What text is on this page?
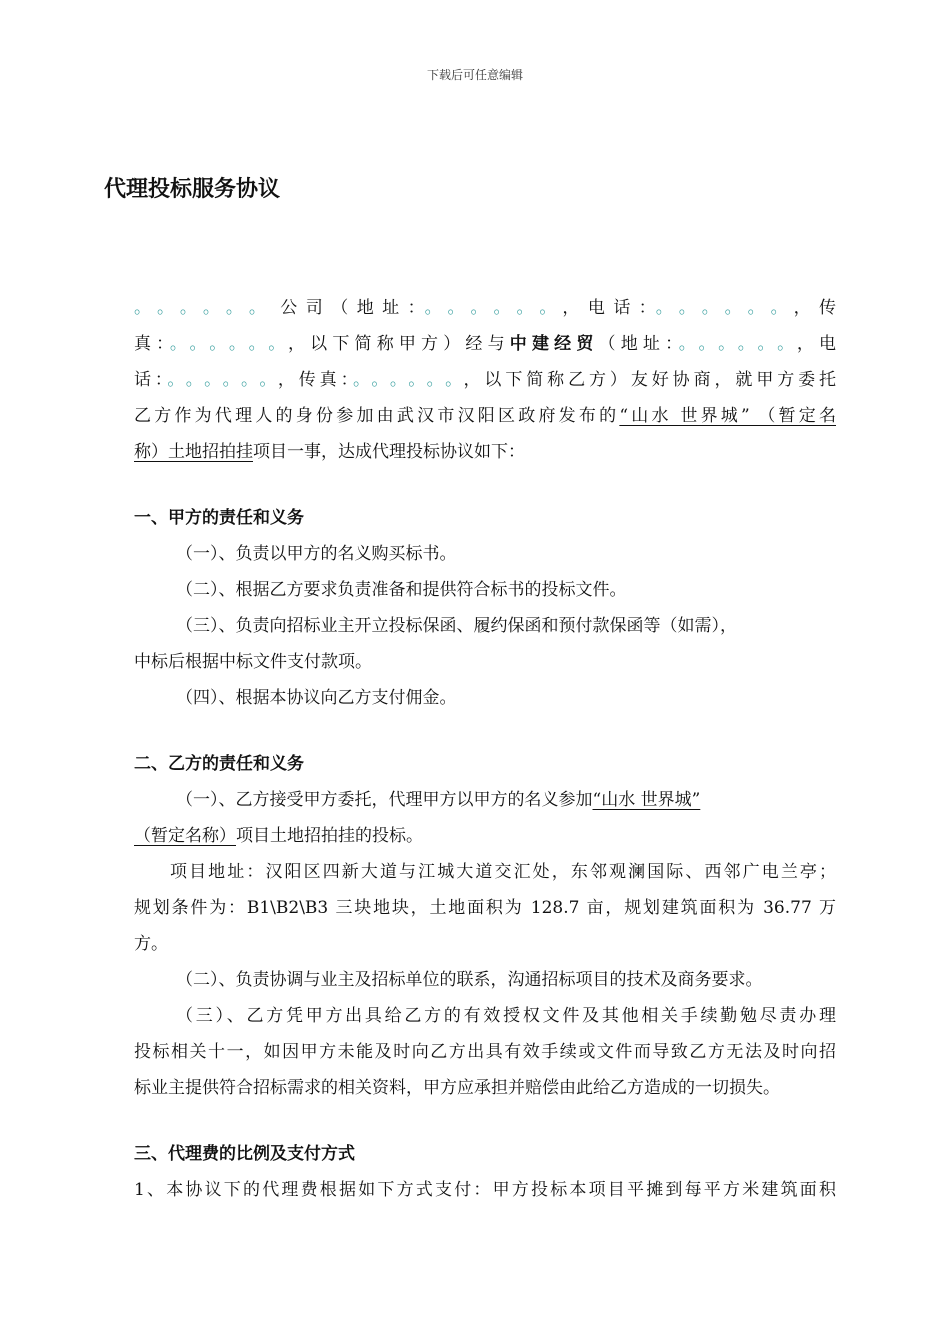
下载后可任意编辑
代理投标服务协议
。。。。。。公司（地址：。。。。。。，电话：。。。。。。，传
真：。。。。。。，以下简称甲方）经与中建经贸（地址：。。。。。。，电
话：。。。。。。，传真：。。。。。。，以下简称乙方）友好协商，就甲方委托
乙方作为代理人的身份参加由武汉市汉阳区政府发布的“山水 世界城” （暂定名
称）土地招拍挂项目一事，达成代理投标协议如下：
一、甲方的责任和义务
（一）、负责以甲方的名义购买标书。
（二）、根据乙方要求负责准备和提供符合标书的投标文件。
（三）、负责向招标业主开立投标保函、履约保函和预付款保函等（如需），
中标后根据中标文件支付款项。
（四）、根据本协议向乙方支付佣金。
二、乙方的责任和义务
（一）、乙方接受甲方委托，代理甲方以甲方的名义参加“山水 世界城”
（暂定名称）项目土地招拍挂的投标。
项目地址：汉阳区四新大道与江城大道交汇处，东邻观澜国际、西邻广电兰亭；
规划条件为：B1\B2\B3 三块地块，土地面积为 128.7 亩，规划建筑面积为 36.77 万
方。
（二）、负责协调与业主及招标单位的联系，沟通招标项目的技术及商务要求。
（三）、乙方凭甲方出具给乙方的有效授权文件及其他相关手续勤勉尽责办理
投标相关十一，如因甲方未能及时向乙方出具有效手续或文件而导致乙方无法及时向招
标业主提供符合招标需求的相关资料，甲方应承担并赔偿由此给乙方造成的一切损失。
三、代理费的比例及支付方式
1、本协议下的代理费根据如下方式支付：甲方投标本项目平摊到每平方米建筑面积
